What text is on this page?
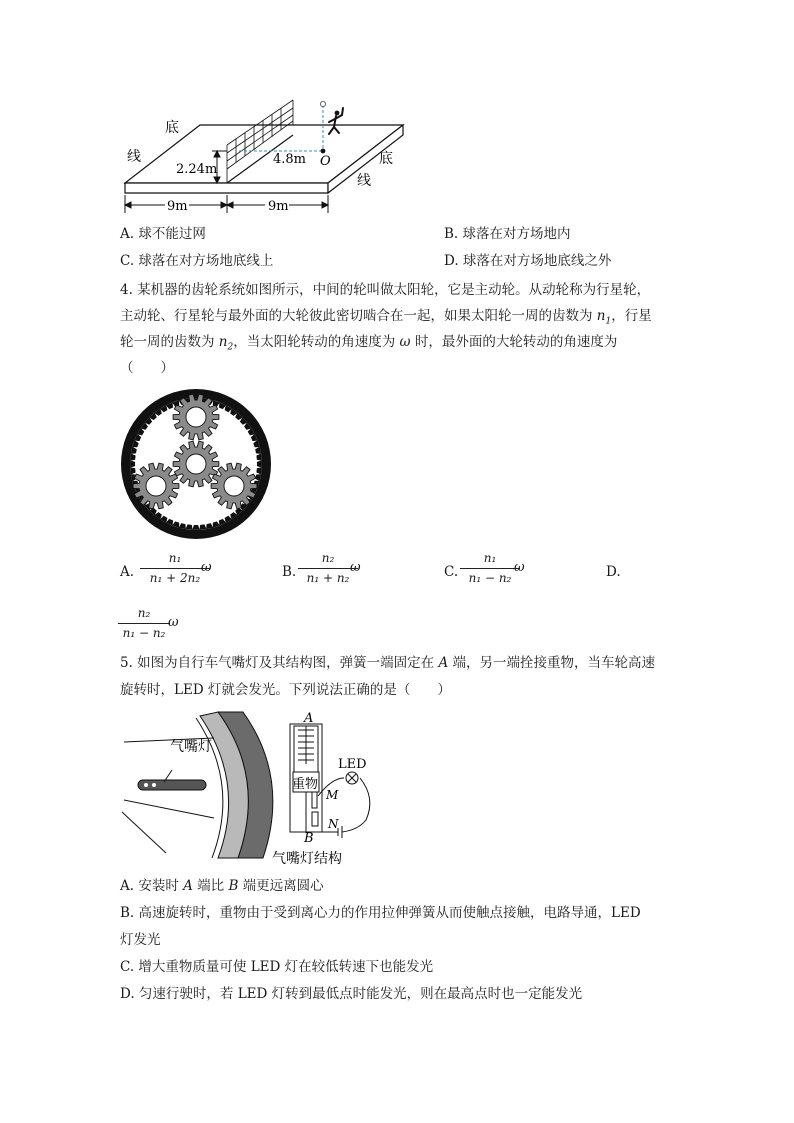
2.24m
4.8m O
9m	9m
底
线	底
线
A. 球不能过网	B. 球落在对方场地内
C. 球落在对方场地底线上	D. 球落在对方场地底线之外
4. 某机器的齿轮系统如图所示，中间的轮叫做太阳轮，它是主动轮。从动轮称为行星轮，
主动轮、行星轮与最外面的大轮彼此密切啮合在一起，如果太阳轮一周的齿数为 $n_1$，行星
轮一周的齿数为 $n_2$，当太阳轮转动的角速度为 ω 时，最外面的大轮转动的角速度为
（　　）
A.
n₁
n₁ + 2n₂
ω	B.
n₂
n₁ + n₂
ω	C.
n₁
n₁ − n₂
ω	D.
n₂
n₁ − n₂
ω
5. 如图为自行车气嘴灯及其结构图，弹簧一端固定在 A 端，另一端拴接重物，当车轮高速
旋转时，LED 灯就会发光。下列说法正确的是（　　）
气嘴灯
A
重物
M
N
B
LED
气嘴灯结构
A. 安装时 A 端比 B 端更远离圆心
B. 高速旋转时，重物由于受到离心力的作用拉伸弹簧从而使触点接触，电路导通，LED
灯发光
C. 增大重物质量可使 LED 灯在较低转速下也能发光
D. 匀速行驶时，若 LED 灯转到最低点时能发光，则在最高点时也一定能发光
